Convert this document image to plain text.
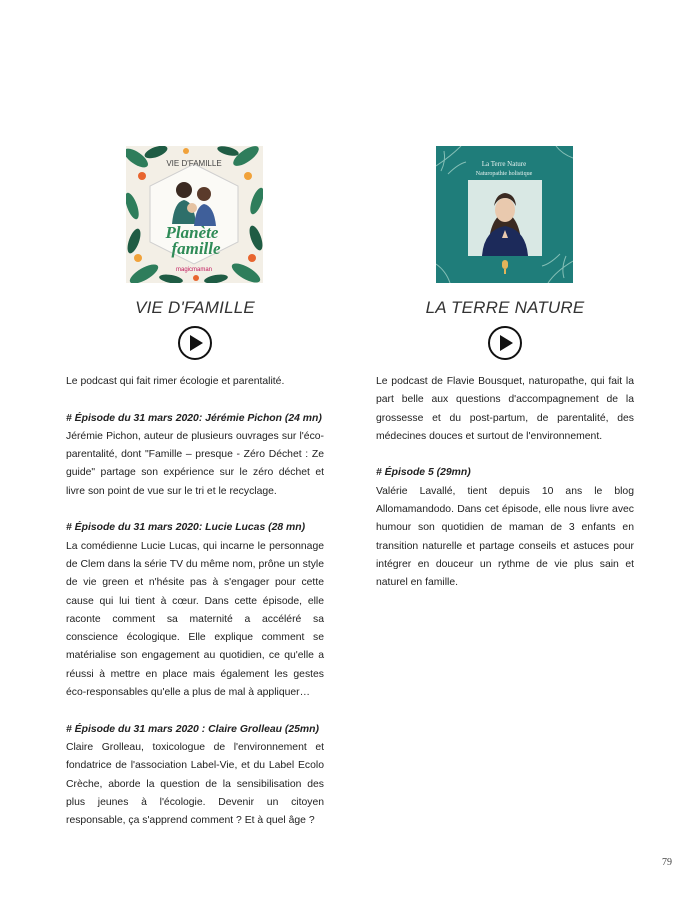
VIE D'FAMILLE
Planète
famille
magicmaman
VIE D'FAMILLE

Le podcast qui fait rimer écologie et parentalité.

# Épisode du 31 mars 2020: Jérémie Pichon (24 mn)

Jérémie Pichon, auteur de plusieurs ouvrages sur l'éco-parentalité, dont "Famille – presque - Zéro Déchet : Ze guide" partage son expérience sur le zéro déchet et livre son point de vue sur le tri et le recyclage.

# Épisode du 31 mars 2020: Lucie Lucas (28 mn)

La comédienne Lucie Lucas, qui incarne le personnage de Clem dans la série TV du même nom, prône un style de vie green et n'hésite pas à s'engager pour cette cause qui lui tient à cœur. Dans cette épisode, elle raconte comment sa maternité a accéléré sa conscience écologique. Elle explique comment se matérialise son engagement au quotidien, ce qu'elle a réussi à mettre en place mais également les gestes éco-responsables qu'elle a plus de mal à appliquer…

# Épisode du 31 mars 2020 : Claire Grolleau (25mn)

Claire Grolleau, toxicologue de l'environnement et fondatrice de l'association Label-Vie, et du Label Ecolo Crèche, aborde la question de la sensibilisation des plus jeunes à l'écologie. Devenir un citoyen responsable, ça s'apprend comment ? Et à quel âge ?

La Terre Nature
Naturopathie holistique
LA TERRE NATURE

Le podcast de Flavie Bousquet, naturopathe, qui fait la part belle aux questions d'accompagnement de la grossesse et du post-partum, de parentalité, des médecines douces et surtout de l'environnement.

# Épisode 5 (29mn)

Valérie Lavallé, tient depuis 10 ans le blog Allomamandodo. Dans cet épisode, elle nous livre avec humour son quotidien de maman de 3 enfants en transition naturelle et partage conseils et astuces pour intégrer en douceur un rythme de vie plus sain et naturel en famille.

79
